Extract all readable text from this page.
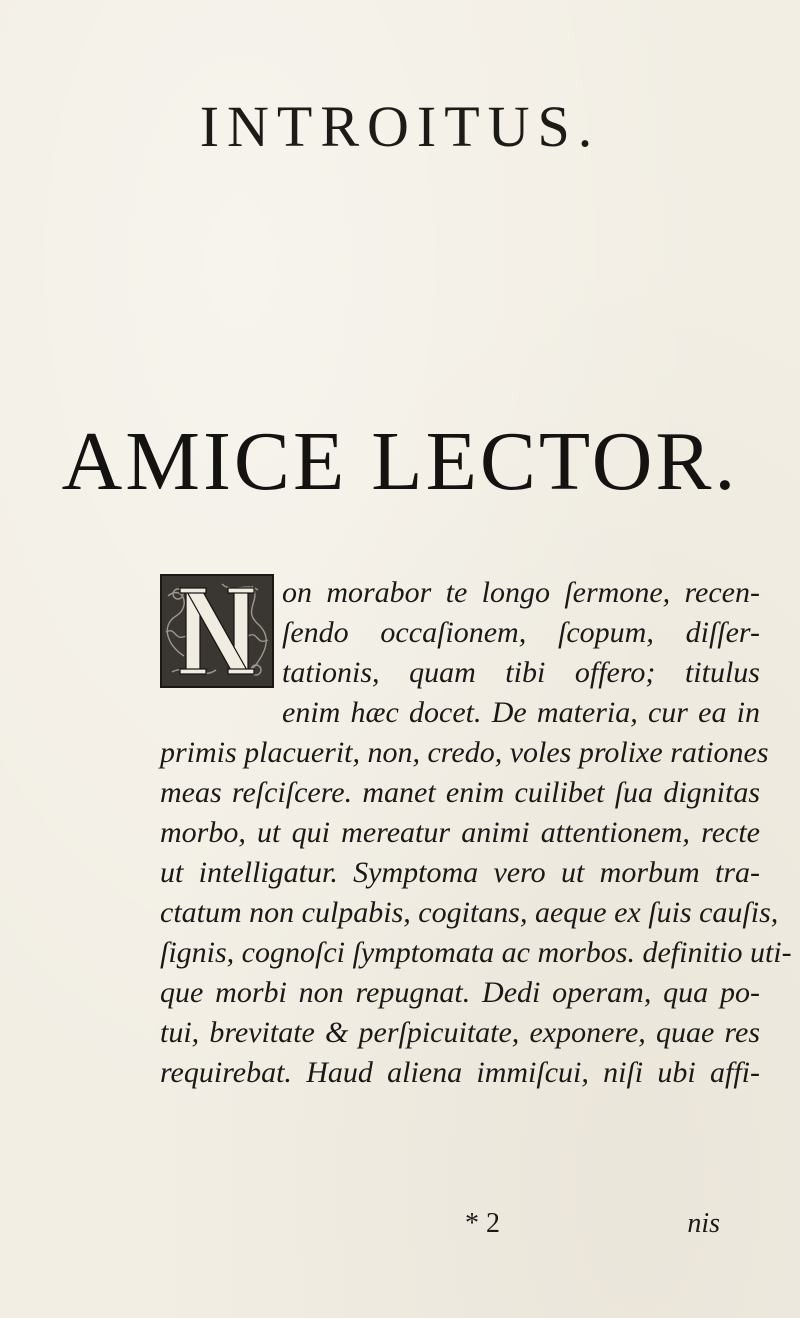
INTROITUS.
AMICE LECTOR.
on morabor te longo ſermone, recen-
ſendo occaſionem, ſcopum, diſſer-
tationis, quam tibi offero; titulus
enim hæc docet. De materia, cur ea in
primis placuerit, non, credo, voles prolixe rationes
meas reſciſcere. manet enim cuilibet ſua dignitas
morbo, ut qui mereatur animi attentionem, recte
ut intelligatur. Symptoma vero ut morbum tra-
ctatum non culpabis, cogitans, aeque ex ſuis cauſis,
ſignis, cognoſci ſymptomata ac morbos. definitio uti-
que morbi non repugnat. Dedi operam, qua po-
tui, brevitate & perſpicuitate, exponere, quae res
requirebat. Haud aliena immiſcui, niſi ubi affi-
* 2	nis
